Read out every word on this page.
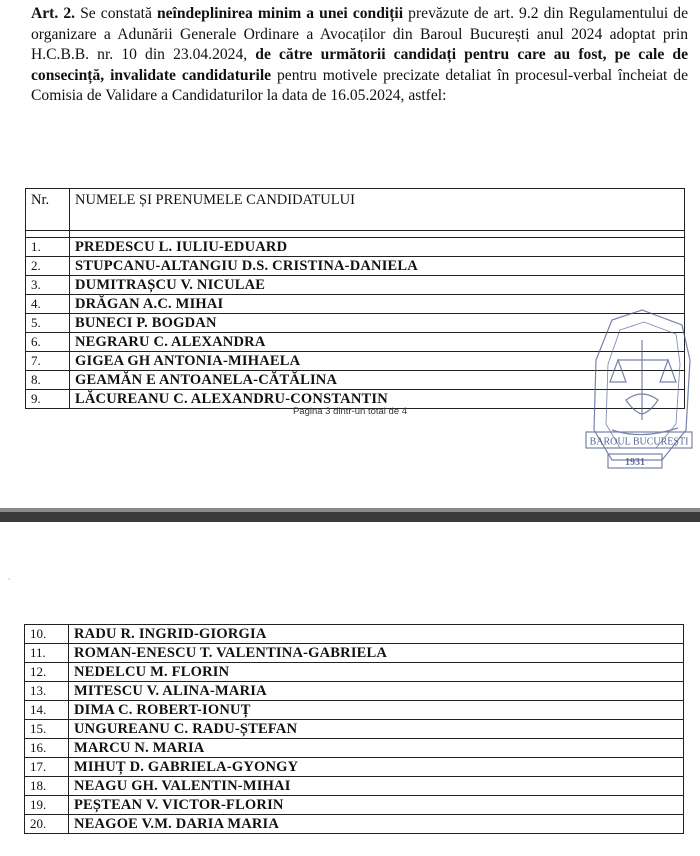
Art. 2. Se constată neîndeplinirea minim a unei condiții prevăzute de art. 9.2 din Regulamentului de organizare a Adunării Generale Ordinare a Avocaților din Baroul București anul 2024 adoptat prin H.C.B.B. nr. 10 din 23.04.2024, de către următorii candidați pentru care au fost, pe cale de consecință, invalidate candidaturile pentru motivele precizate detaliat în procesul-verbal încheiat de Comisia de Validare a Candidaturilor la data de 16.05.2024, astfel:

Nr.	NUMELE ȘI PRENUMELE CANDIDATULUI

1.	PREDESCU L. IULIU-EDUARD
2.	STUPCANU-ALTANGIU D.S. CRISTINA-DANIELA
3.	DUMITRAȘCU V. NICULAE
4.	DRĂGAN A.C. MIHAI
5.	BUNECI P. BOGDAN
6.	NEGRARU C. ALEXANDRA
7.	GIGEA GH ANTONIA-MIHAELA
8.	GEAMĂN E ANTOANELA-CĂTĂLINA
9.	LĂCUREANU C. ALEXANDRU-CONSTANTIN
Pagina 3 dintr-un total de 4
BAROUL BUCUREȘTI
1931
⸱
10.	RADU R. INGRID-GIORGIA
11.	ROMAN-ENESCU T. VALENTINA-GABRIELA
12.	NEDELCU M. FLORIN
13.	MITESCU V. ALINA-MARIA
14.	DIMA C. ROBERT-IONUȚ
15.	UNGUREANU C. RADU-ȘTEFAN
16.	MARCU N. MARIA
17.	MIHUȚ D. GABRIELA-GYONGY
18.	NEAGU GH. VALENTIN-MIHAI
19.	PEȘTEAN V. VICTOR-FLORIN
20.	NEAGOE V.M. DARIA MARIA
